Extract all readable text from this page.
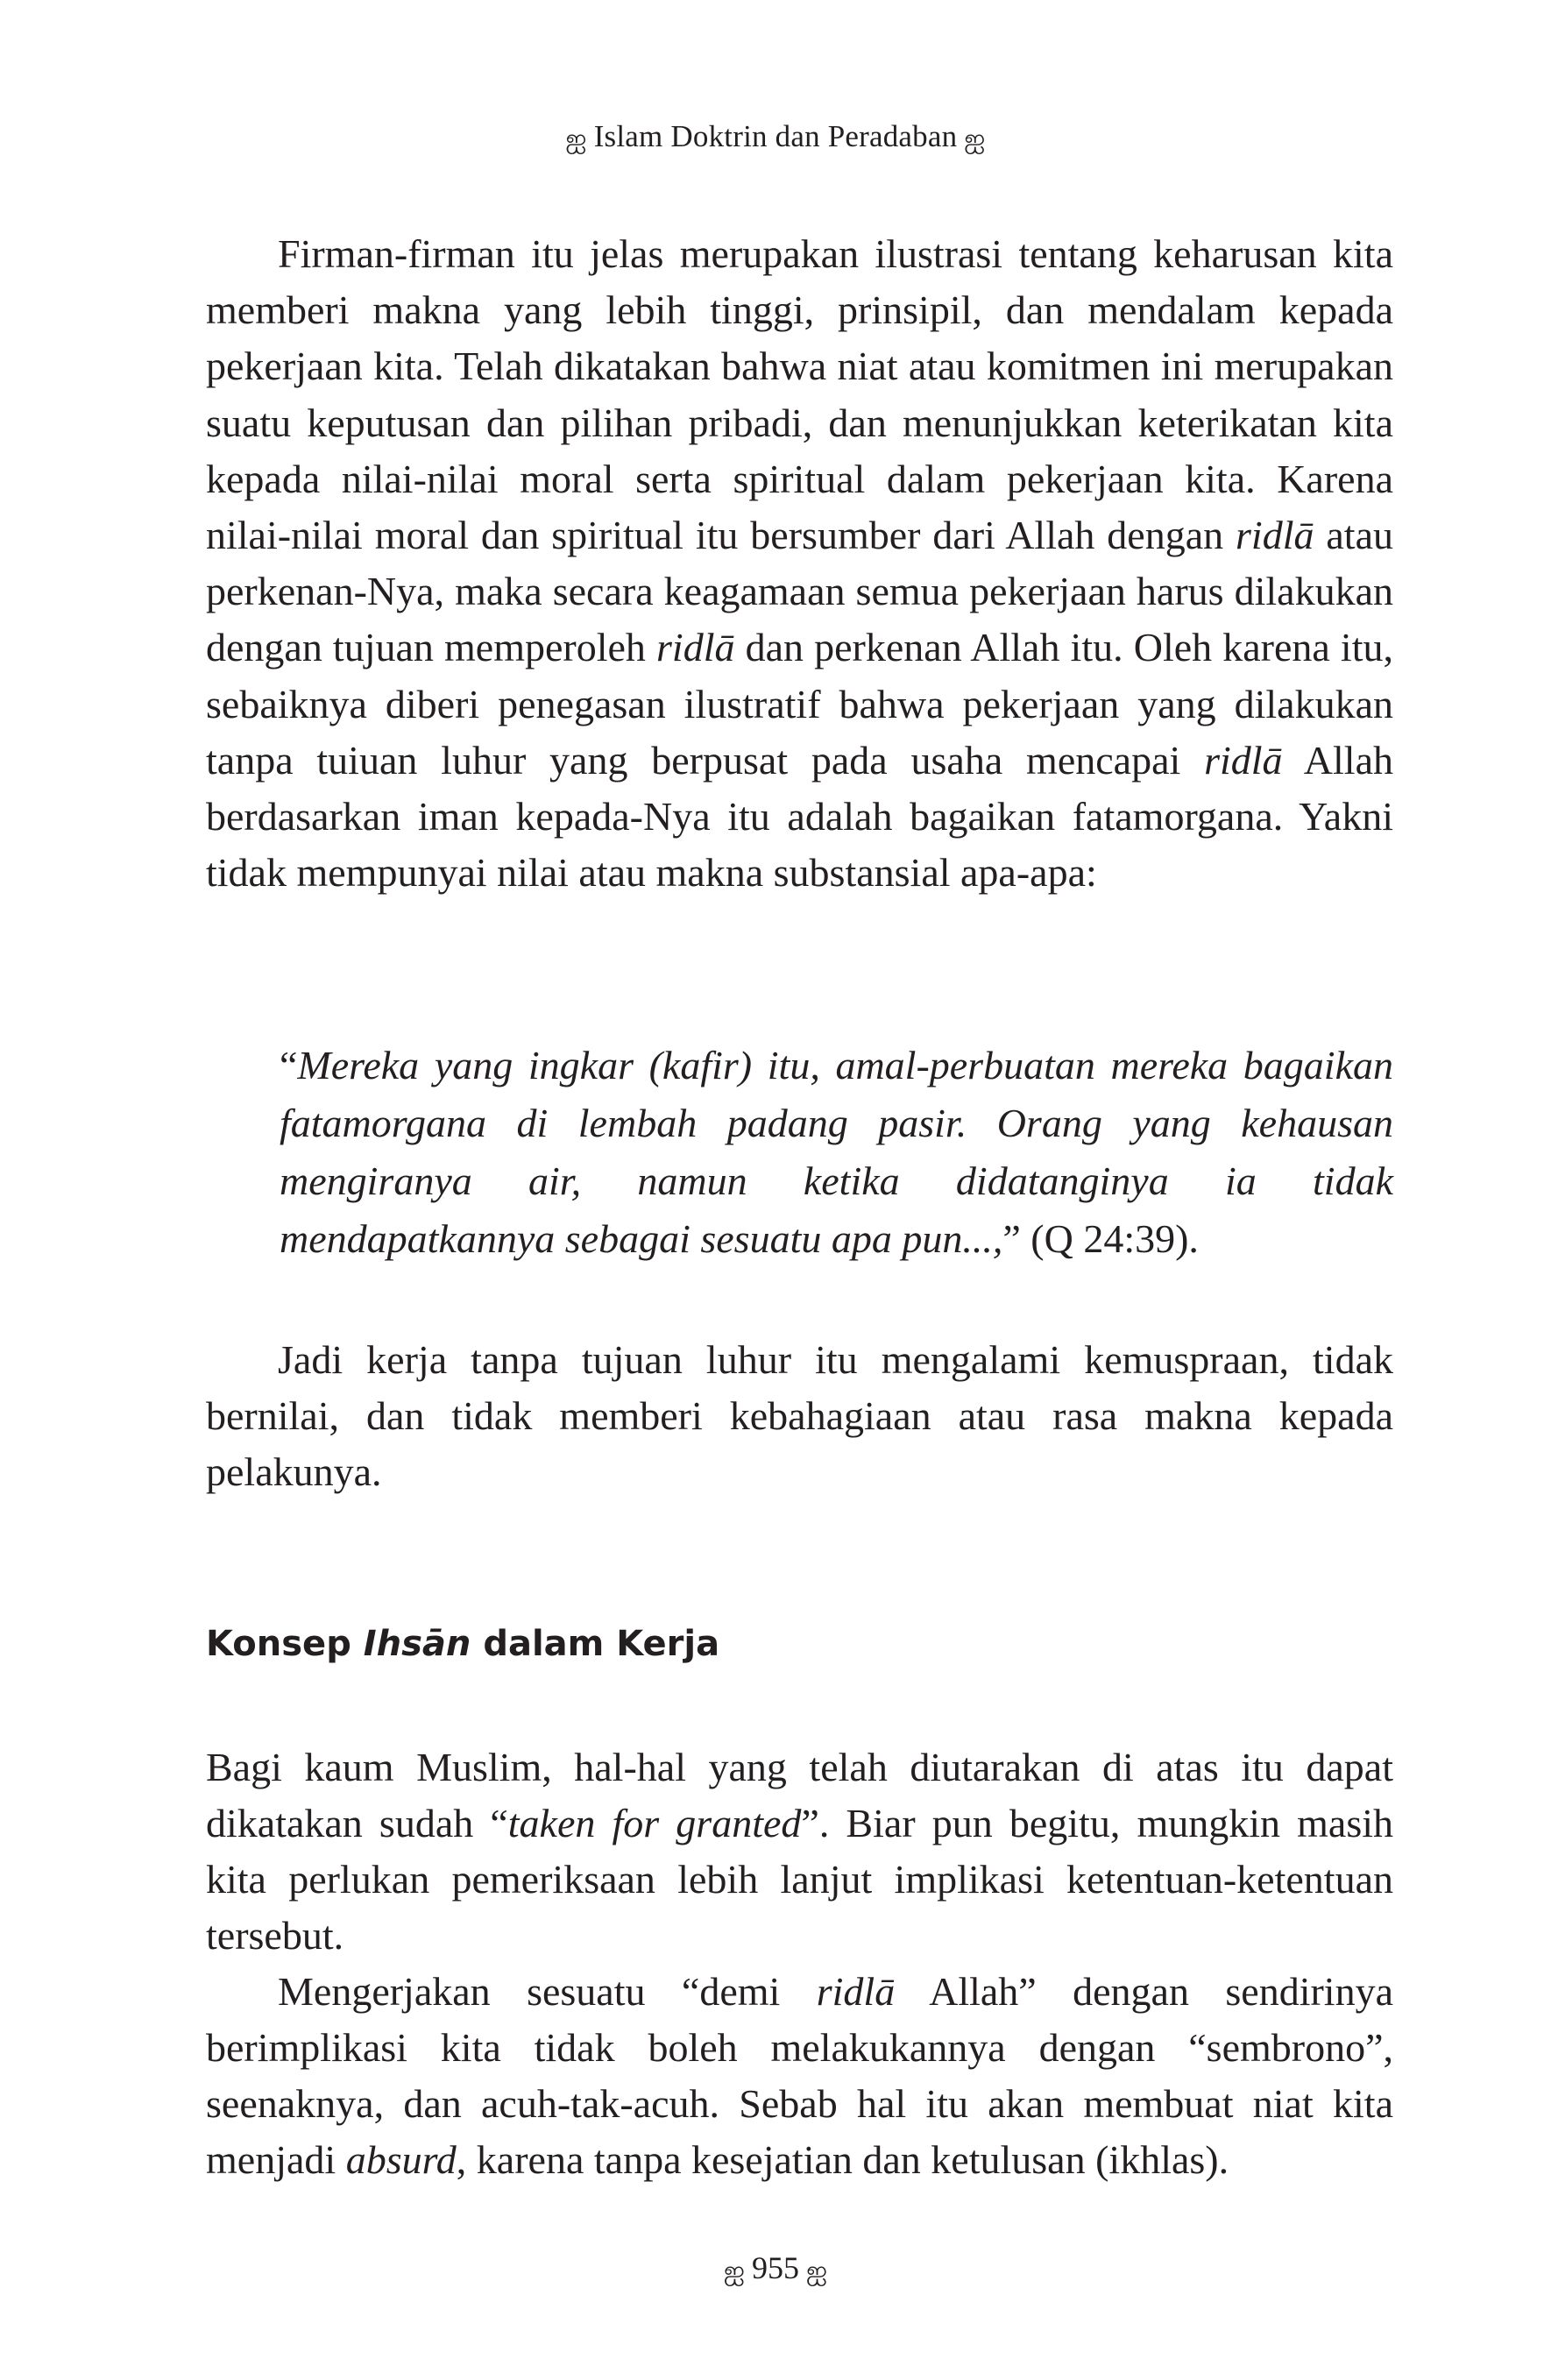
ஐ Islam Doktrin dan Peradaban ஐ

Firman-firman itu jelas merupakan ilustrasi tentang keharusan kita memberi makna yang lebih tinggi, prinsipil, dan mendalam kepada pekerjaan kita. Telah dikatakan bahwa niat atau komitmen ini merupakan suatu keputusan dan pilihan pribadi, dan menunjukkan keterikatan kita kepada nilai-nilai moral serta spiritual dalam pekerjaan kita. Karena nilai-nilai moral dan spiritual itu bersumber dari Allah dengan ridlā atau perkenan-Nya, maka secara keagamaan semua pekerjaan harus dilakukan dengan tujuan memperoleh ridlā dan perkenan Allah itu. Oleh karena itu, sebaiknya diberi penegasan ilustratif bahwa pekerjaan yang dilakukan tanpa tuiuan luhur yang berpusat pada usaha mencapai ridlā Allah berdasarkan iman kepada-Nya itu adalah bagaikan fatamorgana. Yakni tidak mempunyai nilai atau makna substansial apa-apa:

“Mereka yang ingkar (kafir) itu, amal-perbuatan mereka bagaikan fatamorgana di lembah padang pasir. Orang yang kehausan mengiranya air, namun ketika didatanginya ia tidak mendapatkannya sebagai sesuatu apa pun...,” (Q 24:39).

Jadi kerja tanpa tujuan luhur itu mengalami kemuspraan, tidak bernilai, dan tidak memberi kebahagiaan atau rasa makna kepada pelakunya.

Konsep Ihsān dalam Kerja

Bagi kaum Muslim, hal-hal yang telah diutarakan di atas itu dapat dikatakan sudah “taken for granted”. Biar pun begitu, mungkin masih kita perlukan pemeriksaan lebih lanjut implikasi ketentuan-ketentuan tersebut.

Mengerjakan sesuatu “demi ridlā Allah” dengan sendirinya berimplikasi kita tidak boleh melakukannya dengan “sembrono”, seenaknya, dan acuh-tak-acuh. Sebab hal itu akan membuat niat kita menjadi absurd, karena tanpa kesejatian dan ketulusan (ikhlas).

ஐ 955 ஐ
